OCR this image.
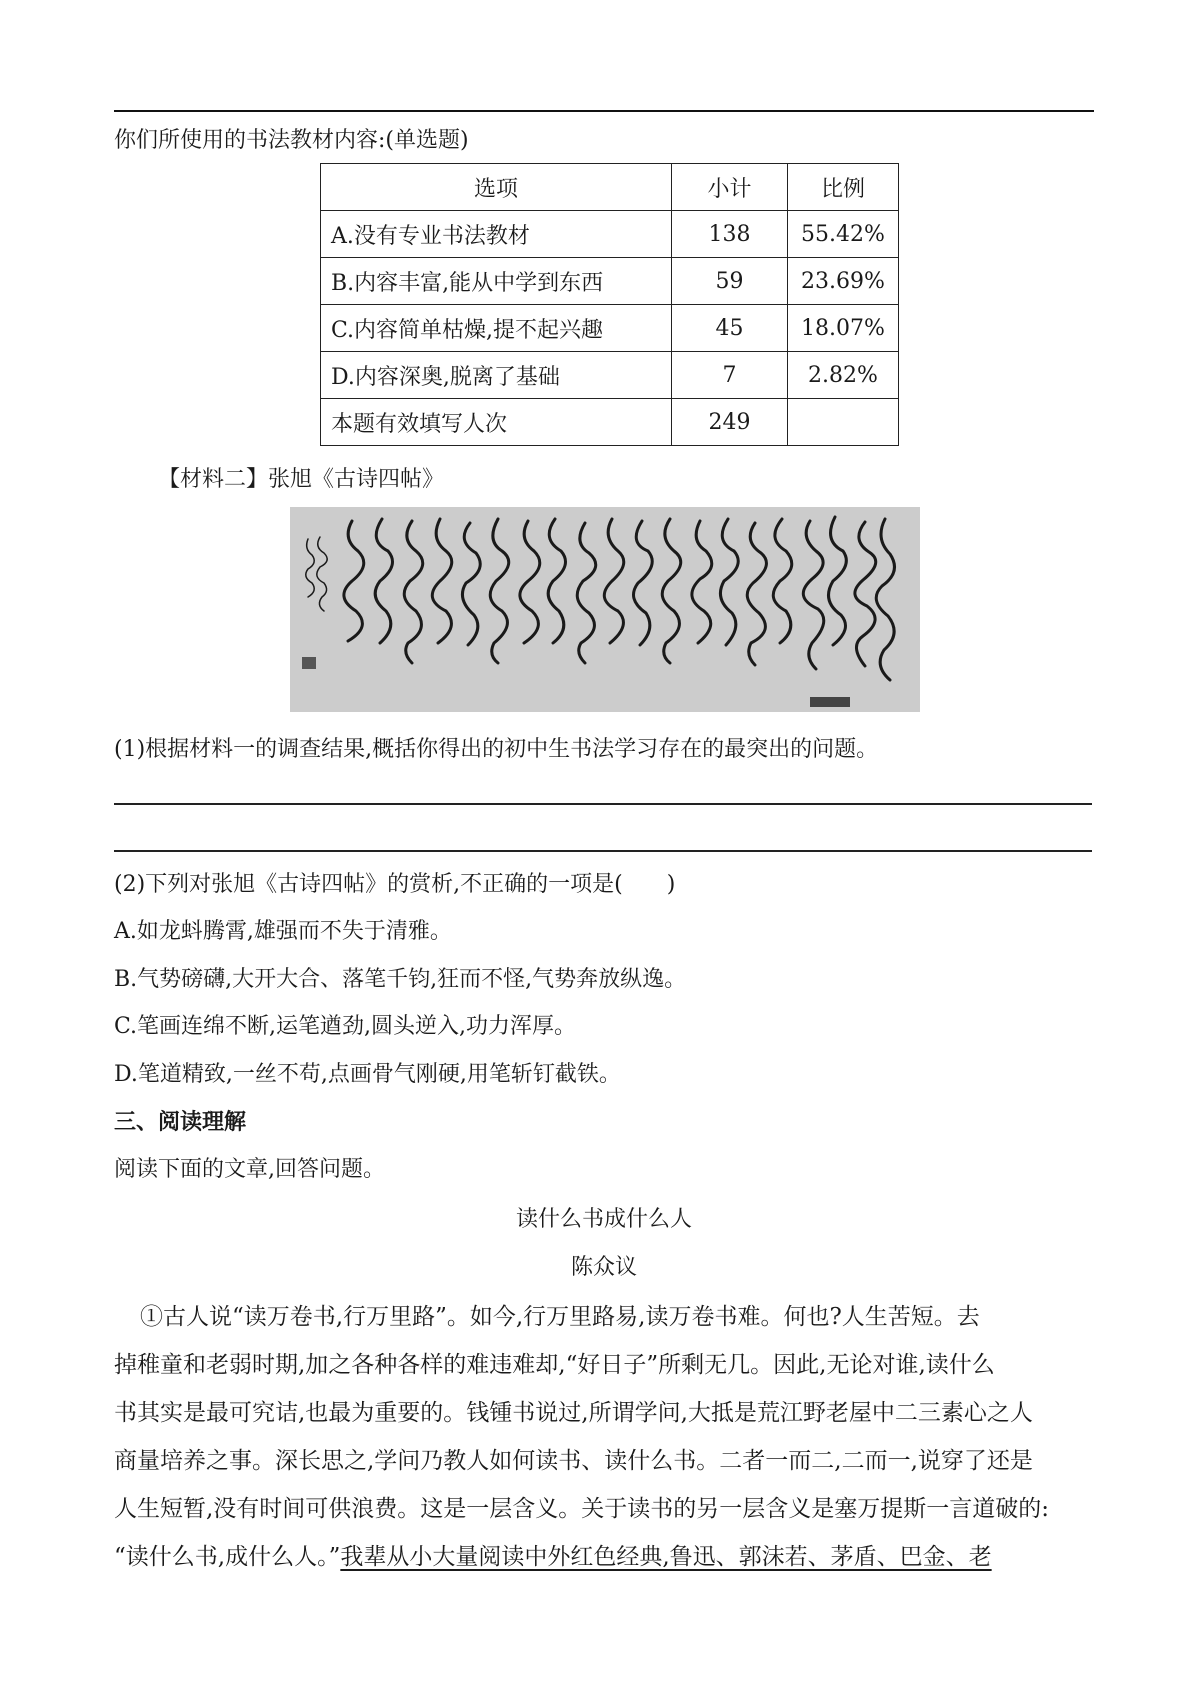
你们所使用的书法教材内容:(单选题)
选项	小计	比例
A.没有专业书法教材	138	55.42%
B.内容丰富,能从中学到东西	59	23.69%
C.内容简单枯燥,提不起兴趣	45	18.07%
D.内容深奥,脱离了基础	7	2.82%
本题有效填写人次	249	
【材料二】张旭《古诗四帖》
(1)根据材料一的调查结果,概括你得出的初中生书法学习存在的最突出的问题。
(2)下列对张旭《古诗四帖》的赏析,不正确的一项是(　　)
A.如龙蚪腾霄,雄强而不失于清雅。
B.气势磅礴,大开大合、落笔千钧,狂而不怪,气势奔放纵逸。
C.笔画连绵不断,运笔遒劲,圆头逆入,功力浑厚。
D.笔道精致,一丝不苟,点画骨气刚硬,用笔斩钉截铁。
三、阅读理解
阅读下面的文章,回答问题。
读什么书成什么人
陈众议
①古人说“读万卷书,行万里路”。如今,行万里路易,读万卷书难。何也?人生苦短。去
掉稚童和老弱时期,加之各种各样的难违难却,“好日子”所剩无几。因此,无论对谁,读什么
书其实是最可究诘,也最为重要的。钱锺书说过,所谓学问,大抵是荒江野老屋中二三素心之人
商量培养之事。深长思之,学问乃教人如何读书、读什么书。二者一而二,二而一,说穿了还是
人生短暂,没有时间可供浪费。这是一层含义。关于读书的另一层含义是塞万提斯一言道破的:
“读什么书,成什么人。”我辈从小大量阅读中外红色经典,鲁迅、郭沫若、茅盾、巴金、老
